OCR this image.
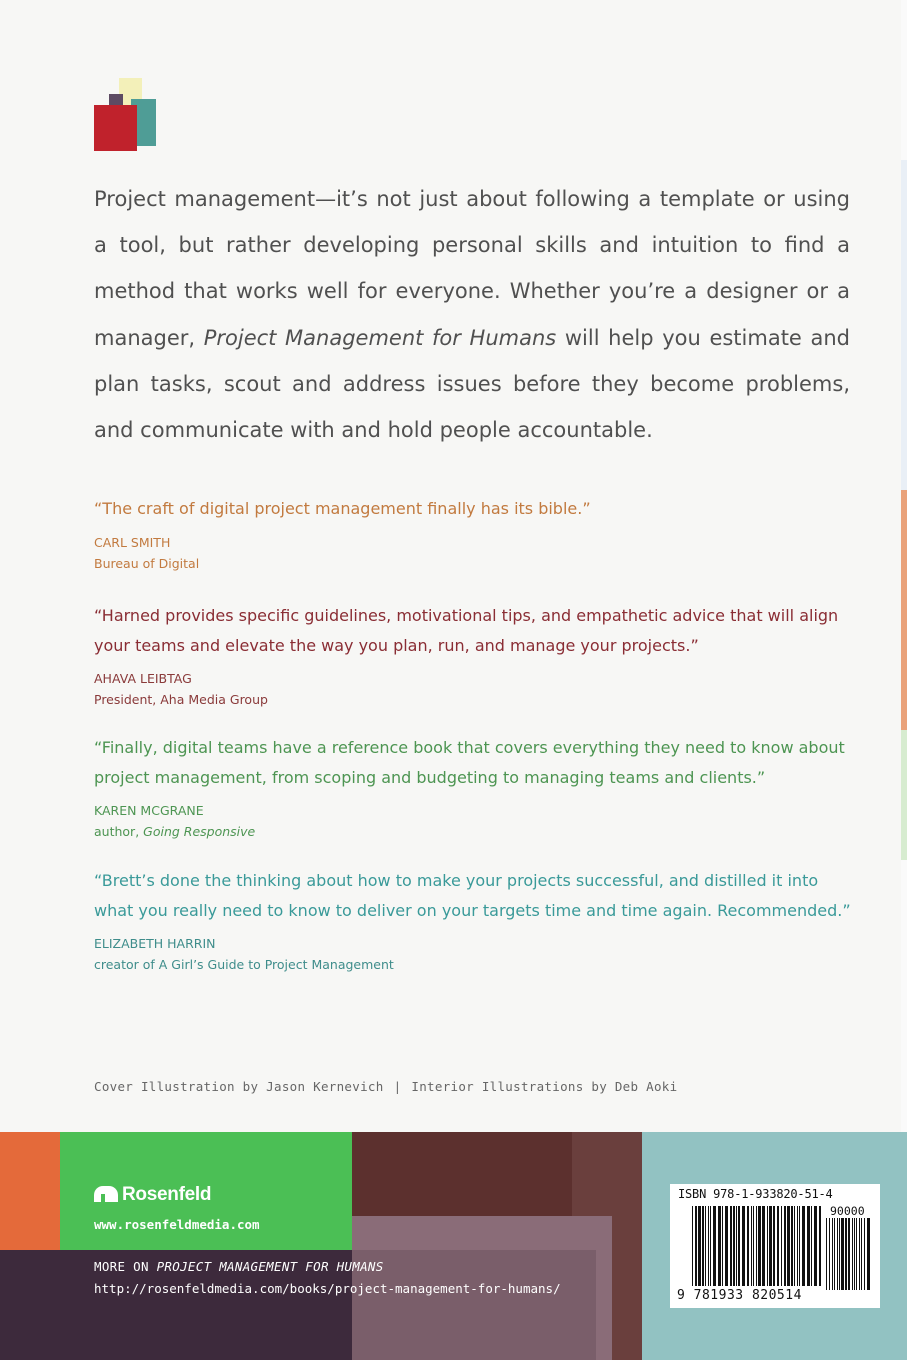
Project management—it’s not just about following a template or using a tool, but rather developing personal skills and intuition to find a method that works well for everyone. Whether you’re a designer or a manager, Project Management for Humans will help you estimate and plan tasks, scout and address issues before they become problems, and communicate with and hold people accountable.

“The craft of digital project management finally has its bible.”

CARL SMITH

Bureau of Digital

“Harned provides specific guidelines, motivational tips, and empathetic advice that will align your teams and elevate the way you plan, run, and manage your projects.”

AHAVA LEIBTAG

President, Aha Media Group

“Finally, digital teams have a reference book that covers everything they need to know about project management, from scoping and budgeting to managing teams and clients.”

KAREN MCGRANE

author, Going Responsive

“Brett’s done the thinking about how to make your projects successful, and distilled it into what you really need to know to deliver on your targets time and time again. Recommended.”

ELIZABETH HARRIN

creator of A Girl’s Guide to Project Management

Cover Illustration by Jason Kernevich | Interior Illustrations by Deb Aoki

Rosenfeld
www.rosenfeldmedia.com
MORE ON PROJECT MANAGEMENT FOR HUMANS
http://rosenfeldmedia.com/books/project-management-for-humans/
ISBN 978-1-933820-51-4
90000
9 781933 820514
